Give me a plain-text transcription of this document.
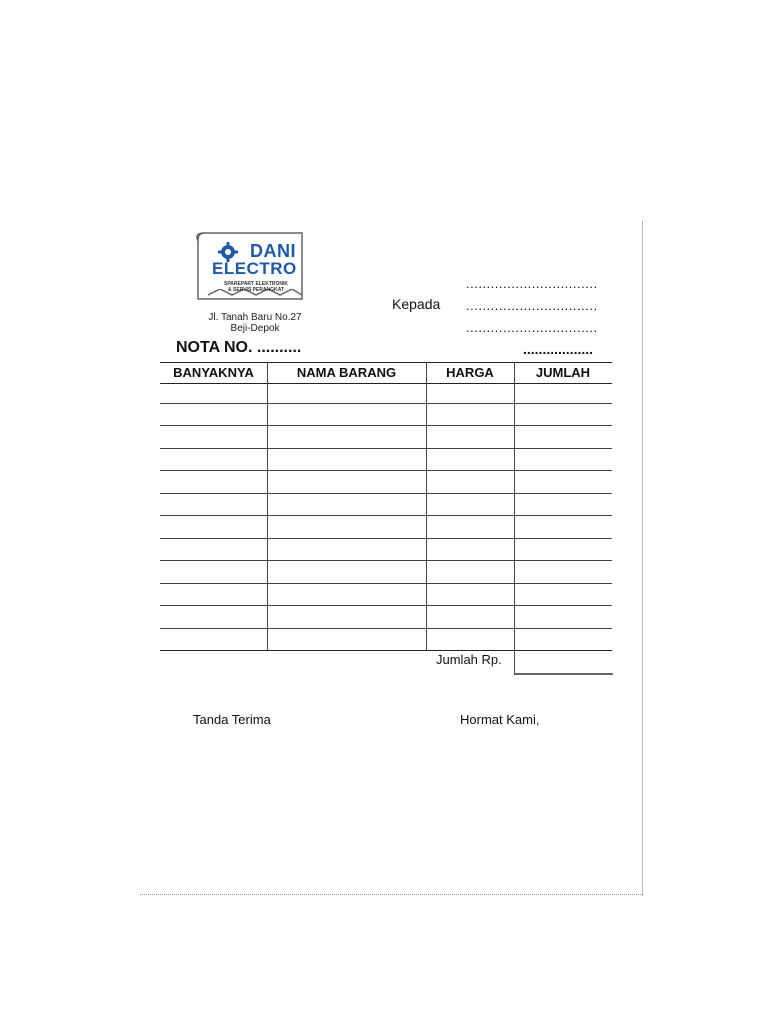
DANI
ELECTRO
SPAREPART ELEKTRONIK
& SERVIS PERANGKAT
Jl. Tanah Baru No.27
Beji-Depok
................................
Kepada ................................
................................
NOTA NO. ..........	..................
BANYAKNYA	NAMA BARANG	HARGA	JUMLAH
Jumlah Rp.
Tanda Terima	Hormat Kami,
